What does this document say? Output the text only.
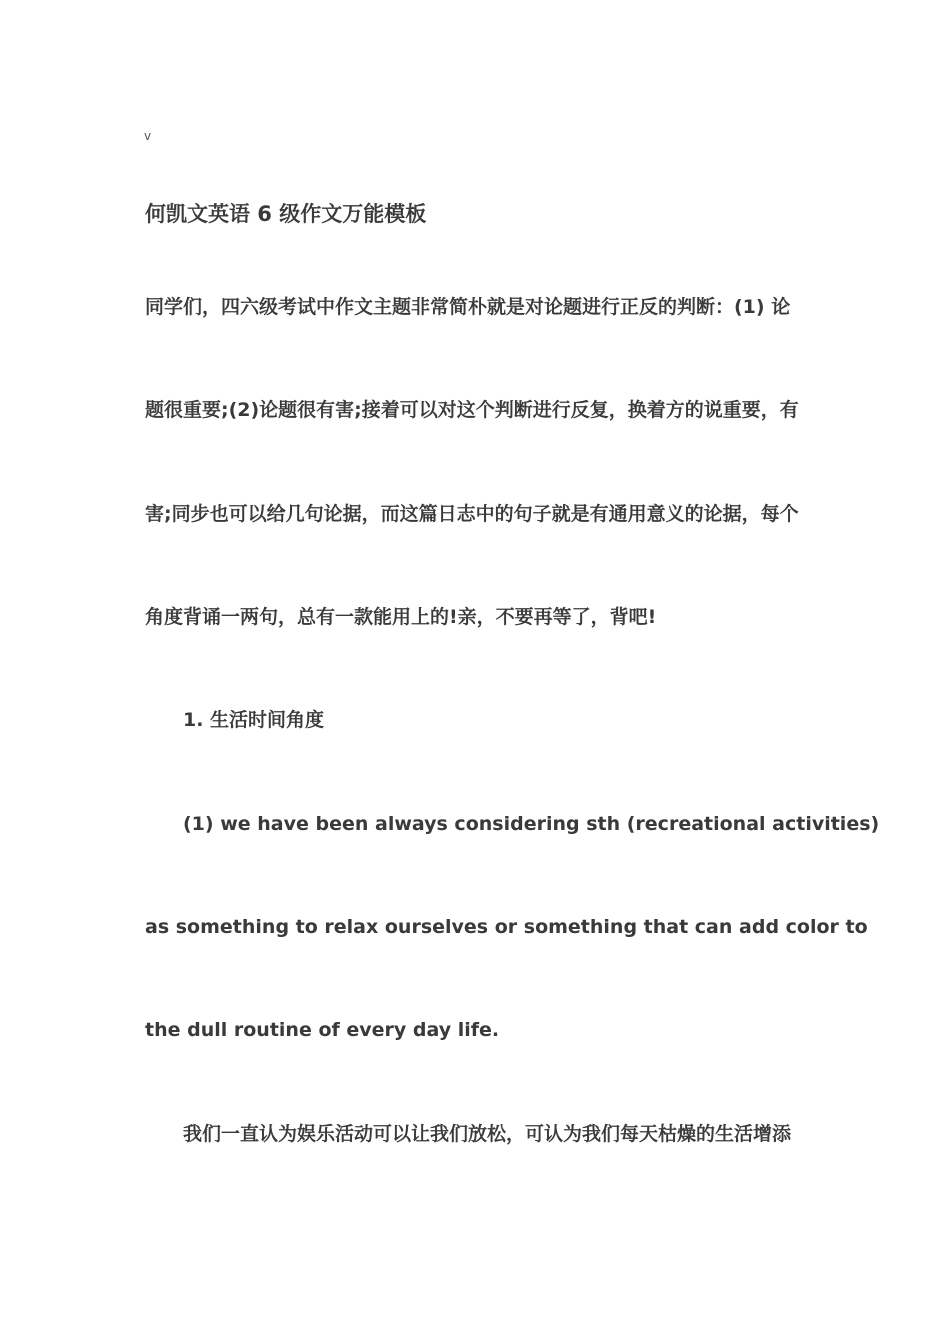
v
何凯文英语 6 级作文万能模板
同学们，四六级考试中作文主题非常简朴就是对论题进行正反的判断：(1) 论
题很重要;(2)论题很有害;接着可以对这个判断进行反复，换着方的说重要，有
害;同步也可以给几句论据，而这篇日志中的句子就是有通用意义的论据，每个
角度背诵一两句，总有一款能用上的!亲，不要再等了，背吧!
1. 生活时间角度
(1) we have been always considering sth (recreational activities)
as something to relax ourselves or something that can add color to
the dull routine of every day life.
我们一直认为娱乐活动可以让我们放松，可认为我们每天枯燥的生活增添
